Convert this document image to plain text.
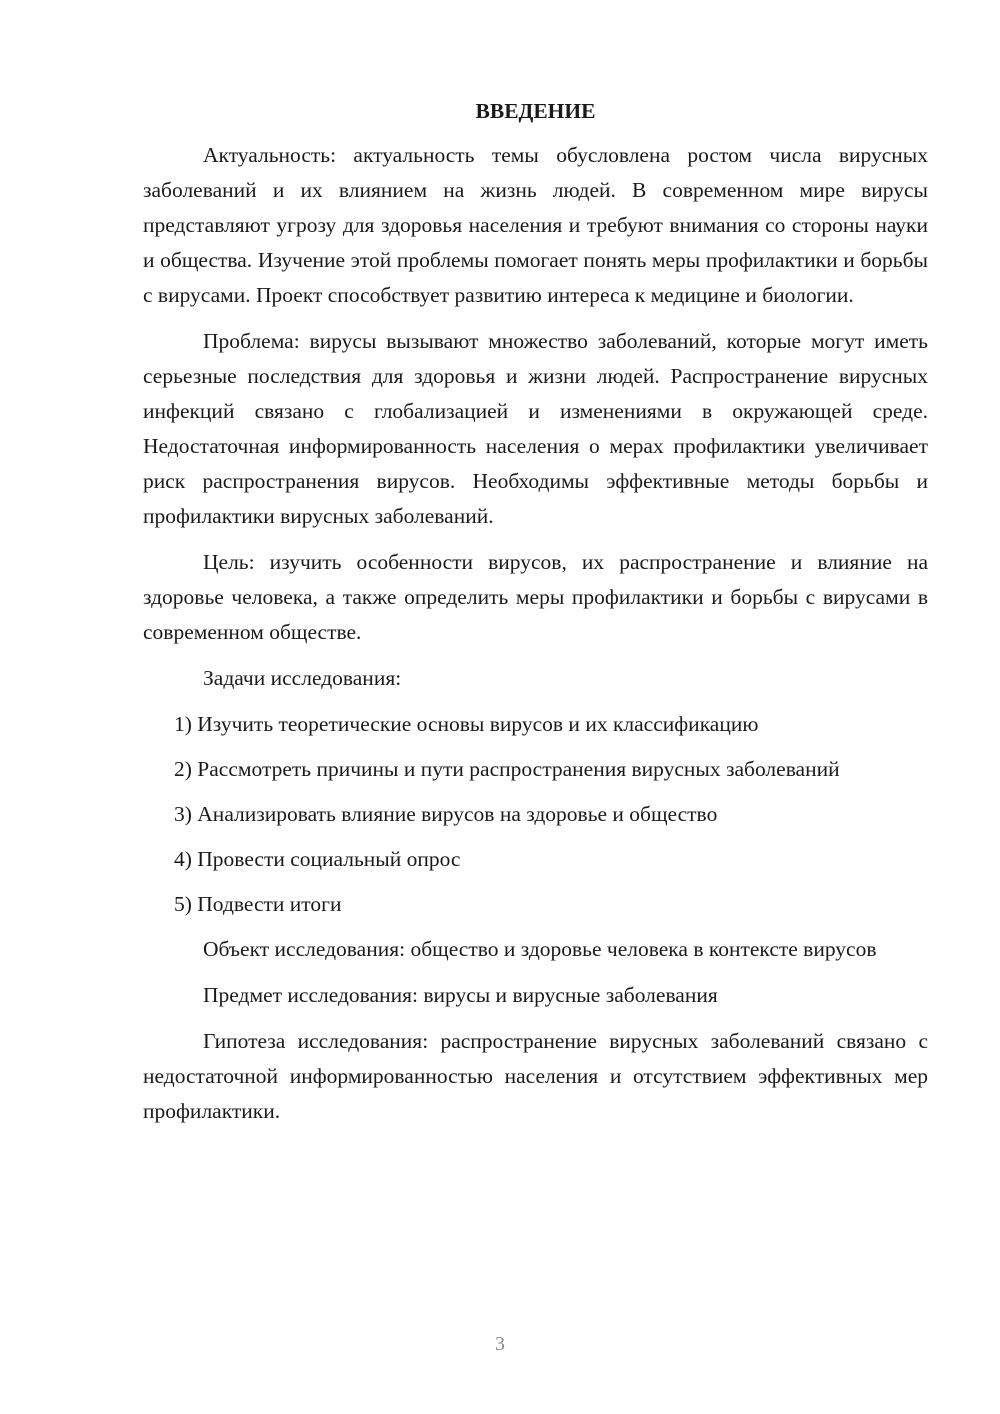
ВВЕДЕНИЕ

Актуальность: актуальность темы обусловлена ростом числа вирусных заболеваний и их влиянием на жизнь людей. В современном мире вирусы представляют угрозу для здоровья населения и требуют внимания со стороны науки и общества. Изучение этой проблемы помогает понять меры профилактики и борьбы с вирусами. Проект способствует развитию интереса к медицине и биологии.

Проблема: вирусы вызывают множество заболеваний, которые могут иметь серьезные последствия для здоровья и жизни людей. Распространение вирусных инфекций связано с глобализацией и изменениями в окружающей среде. Недостаточная информированность населения о мерах профилактики увеличивает риск распространения вирусов. Необходимы эффективные методы борьбы и профилактики вирусных заболеваний.

Цель: изучить особенности вирусов, их распространение и влияние на здоровье человека, а также определить меры профилактики и борьбы с вирусами в современном обществе.

Задачи исследования:

1) Изучить теоретические основы вирусов и их классификацию

2) Рассмотреть причины и пути распространения вирусных заболеваний

3) Анализировать влияние вирусов на здоровье и общество

4) Провести социальный опрос

5) Подвести итоги

Объект исследования: общество и здоровье человека в контексте вирусов

Предмет исследования: вирусы и вирусные заболевания

Гипотеза исследования: распространение вирусных заболеваний связано с недостаточной информированностью населения и отсутствием эффективных мер профилактики.

3
